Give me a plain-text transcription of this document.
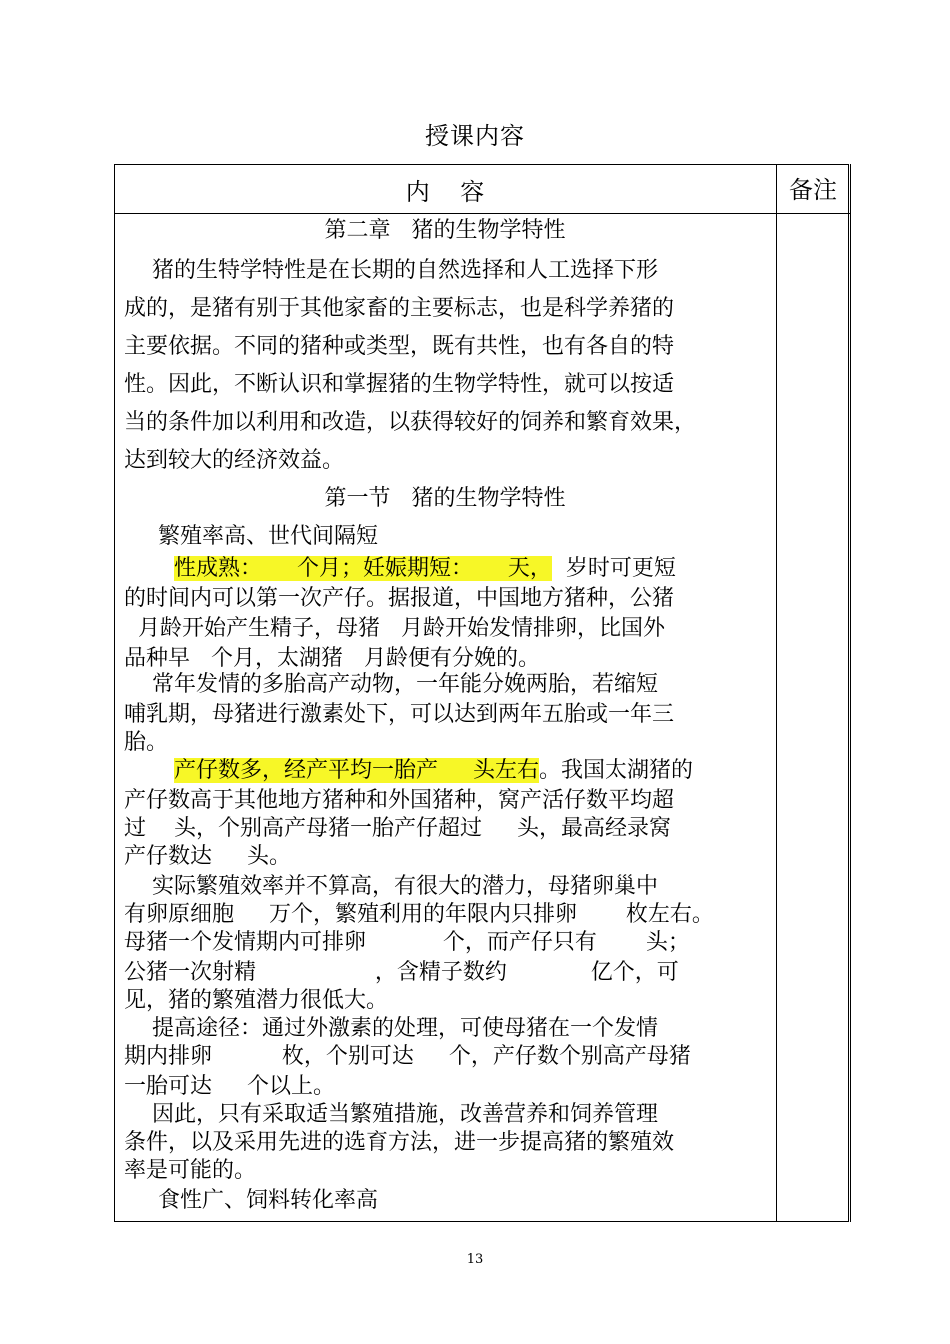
授课内容
内    容	备注
第二章   猪的生物学特性
猪的生特学特性是在长期的自然选择和人工选择下形
成的，是猪有别于其他家畜的主要标志，也是科学养猪的
主要依据。不同的猪种或类型，既有共性，也有各自的特
性。因此，不断认识和掌握猪的生物学特性，就可以按适
当的条件加以利用和改造，以获得较好的饲养和繁育效果，
达到较大的经济效益。
第一节   猪的生物学特性
繁殖率高、世代间隔短
性成熟：     个月；妊娠期短：     天，  岁时可更短
的时间内可以第一次产仔。据报道，中国地方猪种，公猪
月龄开始产生精子，母猪   月龄开始发情排卵，比国外
品种早   个月，太湖猪   月龄便有分娩的。
常年发情的多胎高产动物，一年能分娩两胎，若缩短
哺乳期，母猪进行激素处下，可以达到两年五胎或一年三
胎。
产仔数多，经产平均一胎产     头左右。我国太湖猪的
产仔数高于其他地方猪种和外国猪种，窝产活仔数平均超
过    头，个别高产母猪一胎产仔超过     头，最高经录窝
产仔数达     头。
实际繁殖效率并不算高，有很大的潜力，母猪卵巢中
有卵原细胞     万个，繁殖利用的年限内只排卵       枚左右。
母猪一个发情期内可排卵           个，而产仔只有       头；
公猪一次射精                 ，含精子数约            亿个，可
见，猪的繁殖潜力很低大。
提高途径：通过外激素的处理，可使母猪在一个发情
期内排卵          枚，个别可达     个，产仔数个别高产母猪
一胎可达     个以上。
因此，只有采取适当繁殖措施，改善营养和饲养管理
条件，以及采用先进的选育方法，进一步提高猪的繁殖效
率是可能的。
食性广、饲料转化率高
13
